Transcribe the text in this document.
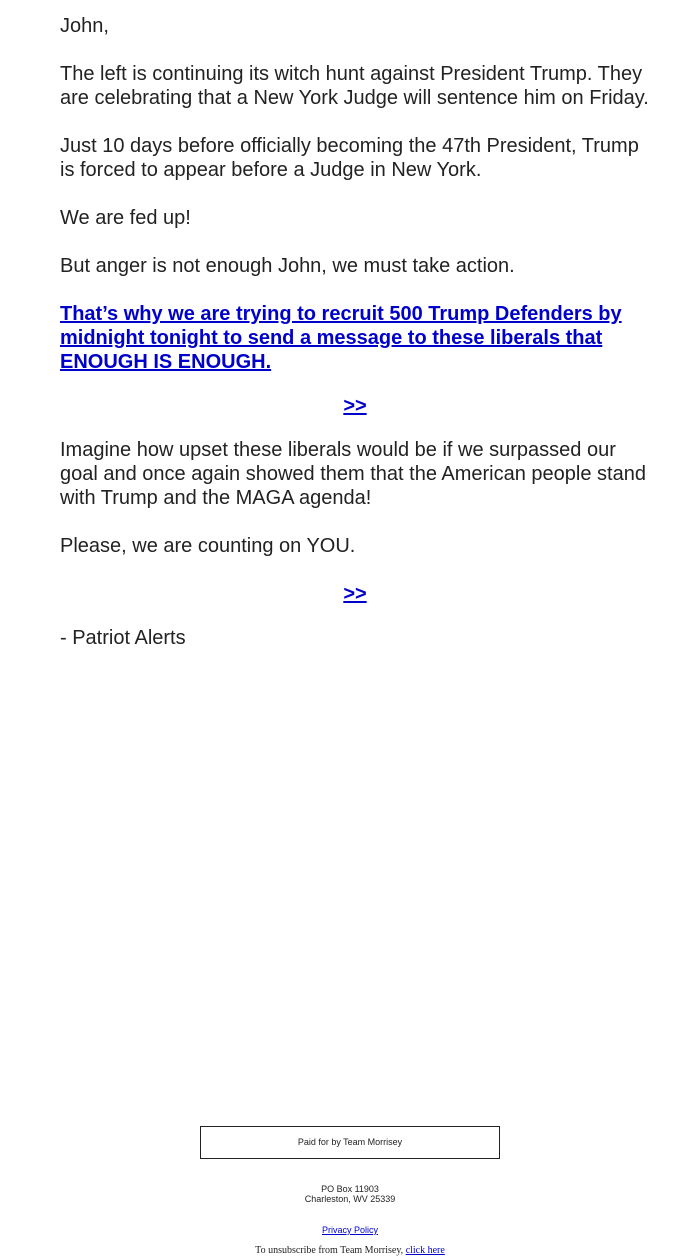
John,

The left is continuing its witch hunt against President Trump. They are celebrating that a New York Judge will sentence him on Friday.

Just 10 days before officially becoming the 47th President, Trump is forced to appear before a Judge in New York.

We are fed up!

But anger is not enough John, we must take action.

That’s why we are trying to recruit 500 Trump Defenders by midnight tonight to send a message to these liberals that ENOUGH IS ENOUGH.
>>

Imagine how upset these liberals would be if we surpassed our goal and once again showed them that the American people stand with Trump and the MAGA agenda!

Please, we are counting on YOU.

>>

- Patriot Alerts

Paid for by Team Morrisey
PO Box 11903
Charleston, WV 25339
Privacy Policy
To unsubscribe from Team Morrisey, click here
